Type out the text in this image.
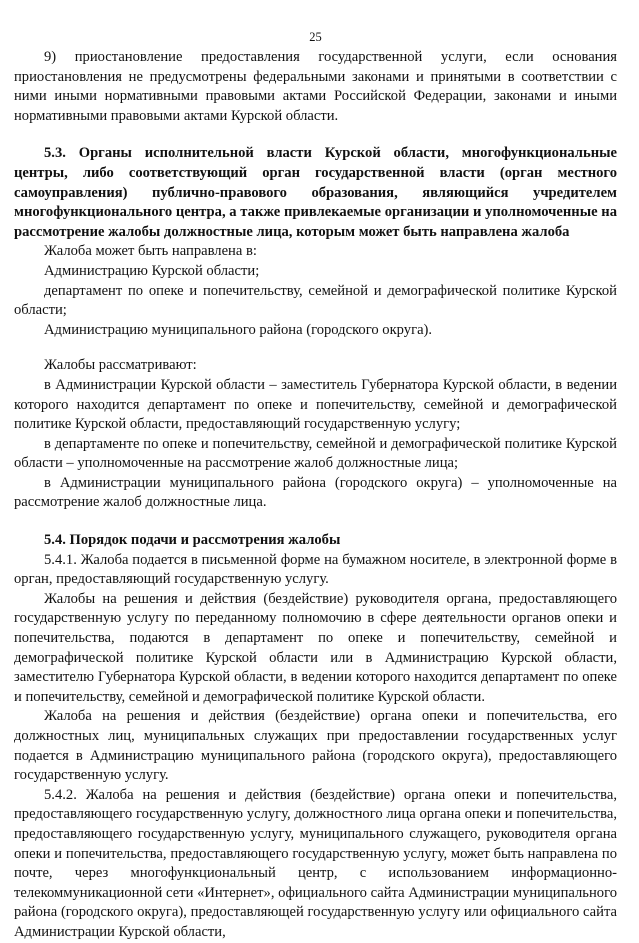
25

9) приостановление предоставления государственной услуги, если основания приостановления не предусмотрены федеральными законами и принятыми в соответствии с ними иными нормативными правовыми актами Российской Федерации, законами и иными нормативными правовыми актами Курской области.

5.3. Органы исполнительной власти Курской области, многофункциональные центры, либо соответствующий орган государственной власти (орган местного самоуправления) публично-правового образования, являющийся учредителем многофункционального центра, а также привлекаемые организации и уполномоченные на рассмотрение жалобы должностные лица, которым может быть направлена жалоба

Жалоба может быть направлена в:

Администрацию Курской области;

департамент по опеке и попечительству, семейной и демографической политике Курской области;

Администрацию муниципального района (городского округа).

Жалобы рассматривают:

в Администрации Курской области – заместитель Губернатора Курской области, в ведении которого находится департамент по опеке и попечительству, семейной и демографической политике Курской области, предоставляющий государственную услугу;

в департаменте по опеке и попечительству, семейной и демографической политике Курской области – уполномоченные на рассмотрение жалоб должностные лица;

в Администрации муниципального района (городского округа) – уполномоченные на рассмотрение жалоб должностные лица.

5.4. Порядок подачи и рассмотрения жалобы

5.4.1. Жалоба подается в письменной форме на бумажном носителе, в электронной форме в орган, предоставляющий государственную услугу.

Жалобы на решения и действия (бездействие) руководителя органа, предоставляющего государственную услугу по переданному полномочию в сфере деятельности органов опеки и попечительства, подаются в департамент по опеке и попечительству, семейной и демографической политике Курской области или в Администрацию Курской области, заместителю Губернатора Курской области, в ведении которого находится департамент по опеке и попечительству, семейной и демографической политике Курской области.

Жалоба на решения и действия (бездействие) органа опеки и попечительства, его должностных лиц, муниципальных служащих при предоставлении государственных услуг подается в Администрацию муниципального района (городского округа), предоставляющего государственную услугу.

5.4.2. Жалоба на решения и действия (бездействие) органа опеки и попечительства, предоставляющего государственную услугу, должностного лица органа опеки и попечительства, предоставляющего государственную услугу, муниципального служащего, руководителя органа опеки и попечительства, предоставляющего государственную услугу, может быть направлена по почте, через многофункциональный центр, с использованием информационно-телекоммуникационной сети «Интернет», официального сайта Администрации муниципального района (городского округа), предоставляющей государственную услугу или официального сайта Администрации Курской области,
